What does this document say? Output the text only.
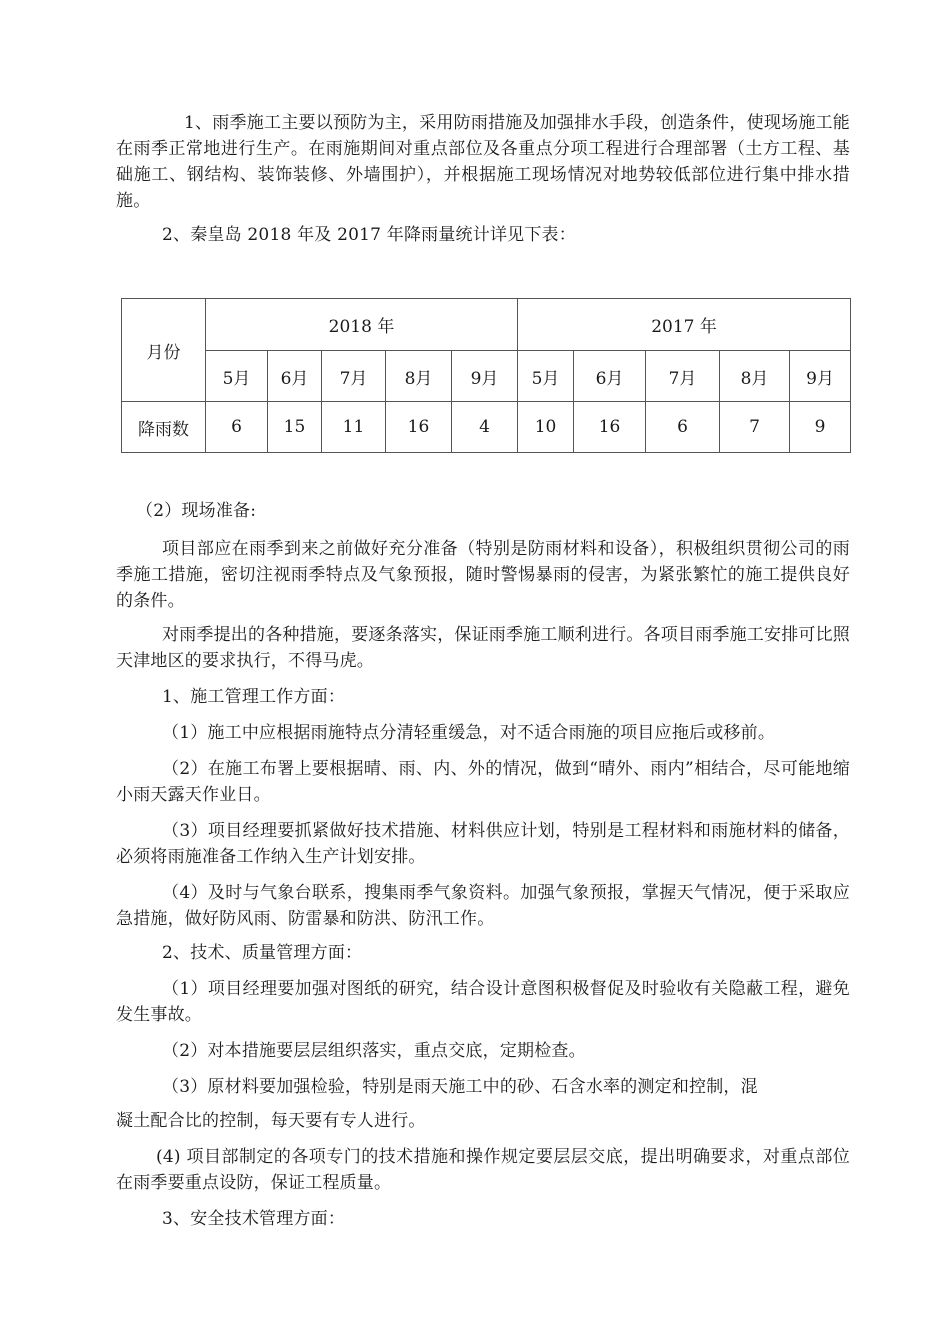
1、雨季施工主要以预防为主，采用防雨措施及加强排水手段，创造条件，使现场施工能在雨季正常地进行生产。在雨施期间对重点部位及各重点分项工程进行合理部署（土方工程、基础施工、钢结构、装饰装修、外墙围护），并根据施工现场情况对地势较低部位进行集中排水措施。

2、秦皇岛 2018 年及 2017 年降雨量统计详见下表：

月份	2018 年					2017 年				
	5月	6月	7月	8月	9月	5月	6月	7月	8月	9月
降雨数	6	15	11	16	4	10	16	6	7	9

（2）现场准备:

项目部应在雨季到来之前做好充分准备（特别是防雨材料和设备），积极组织贯彻公司的雨季施工措施，密切注视雨季特点及气象预报，随时警惕暴雨的侵害，为紧张繁忙的施工提供良好的条件。

对雨季提出的各种措施，要逐条落实，保证雨季施工顺利进行。各项目雨季施工安排可比照天津地区的要求执行，不得马虎。

1、施工管理工作方面：

（1）施工中应根据雨施特点分清轻重缓急，对不适合雨施的项目应拖后或移前。

（2）在施工布署上要根据晴、雨、内、外的情况，做到“晴外、雨内”相结合，尽可能地缩小雨天露天作业日。

（3）项目经理要抓紧做好技术措施、材料供应计划，特别是工程材料和雨施材料的储备，必须将雨施准备工作纳入生产计划安排。

（4）及时与气象台联系，搜集雨季气象资料。加强气象预报，掌握天气情况，便于采取应急措施，做好防风雨、防雷暴和防洪、防汛工作。

2、技术、质量管理方面：

（1）项目经理要加强对图纸的研究，结合设计意图积极督促及时验收有关隐蔽工程，避免发生事故。

（2）对本措施要层层组织落实，重点交底，定期检查。

（3）原材料要加强检验，特别是雨天施工中的砂、石含水率的测定和控制，混

凝土配合比的控制，每天要有专人进行。

(4) 项目部制定的各项专门的技术措施和操作规定要层层交底，提出明确要求，对重点部位在雨季要重点设防，保证工程质量。

3、安全技术管理方面：
